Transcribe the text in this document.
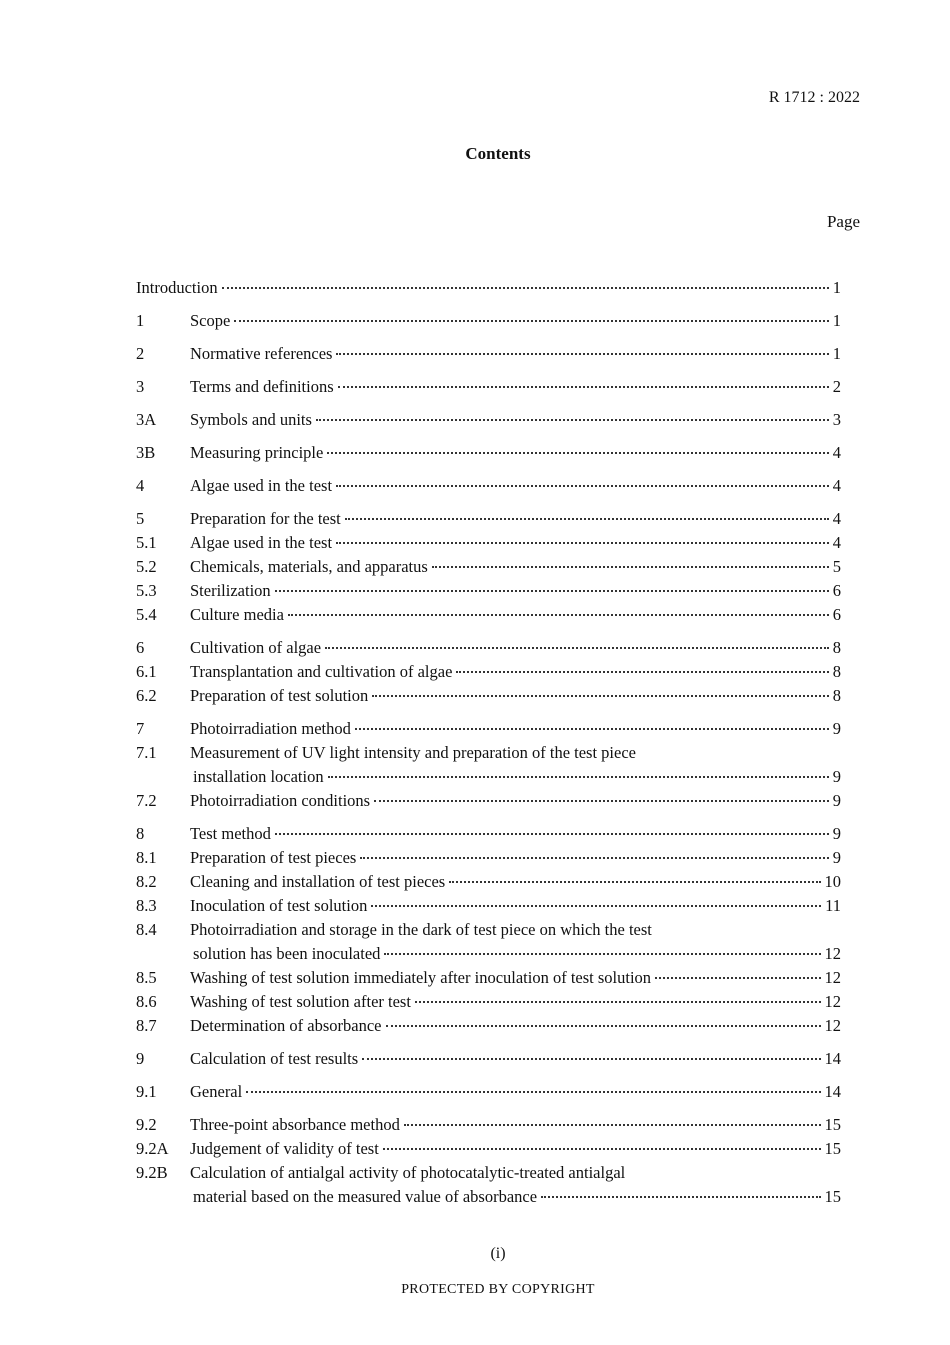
R 1712 : 2022
Contents
Page
Introduction	1
1	Scope	1
2	Normative references	1
3	Terms and definitions	2
3A	Symbols and units	3
3B	Measuring principle	4
4	Algae used in the test	4
5	Preparation for the test	4
5.1	Algae used in the test	4
5.2	Chemicals, materials, and apparatus	5
5.3	Sterilization	6
5.4	Culture media	6
6	Cultivation of algae	8
6.1	Transplantation and cultivation of algae	8
6.2	Preparation of test solution	8
7	Photoirradiation method	9
7.1	Measurement of UV light intensity and preparation of the test piece
installation location	9
7.2	Photoirradiation conditions	9
8	Test method	9
8.1	Preparation of test pieces	9
8.2	Cleaning and installation of test pieces	10
8.3	Inoculation of test solution	11
8.4	Photoirradiation and storage in the dark of test piece on which the test
solution has been inoculated	12
8.5	Washing of test solution immediately after inoculation of test solution	12
8.6	Washing of test solution after test	12
8.7	Determination of absorbance	12
9	Calculation of test results	14
9.1	General	14
9.2	Three-point absorbance method	15
9.2A	Judgement of validity of test	15
9.2B	Calculation of antialgal activity of photocatalytic-treated antialgal
material based on the measured value of absorbance	15
(i)
PROTECTED BY COPYRIGHT
